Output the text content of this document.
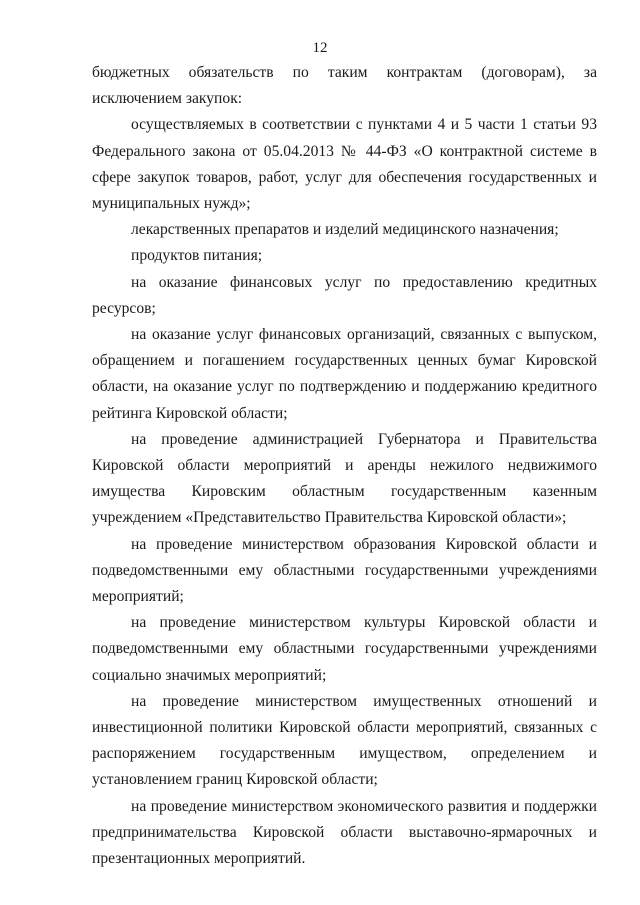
12

бюджетных обязательств по таким контрактам (договорам), за исключением закупок:

осуществляемых в соответствии с пунктами 4 и 5 части 1 статьи 93 Федерального закона от 05.04.2013 № 44-ФЗ «О контрактной системе в сфере закупок товаров, работ, услуг для обеспечения государственных и муниципальных нужд»;

лекарственных препаратов и изделий медицинского назначения;

продуктов питания;

на оказание финансовых услуг по предоставлению кредитных ресурсов;

на оказание услуг финансовых организаций, связанных с выпуском, обращением и погашением государственных ценных бумаг Кировской области, на оказание услуг по подтверждению и поддержанию кредитного рейтинга Кировской области;

на проведение администрацией Губернатора и Правительства Кировской области мероприятий и аренды нежилого недвижимого имущества Кировским областным государственным казенным учреждением «Представительство Правительства Кировской области»;

на проведение министерством образования Кировской области и подведомственными ему областными государственными учреждениями мероприятий;

на проведение министерством культуры Кировской области и подведомственными ему областными государственными учреждениями социально значимых мероприятий;

на проведение министерством имущественных отношений и инвестиционной политики Кировской области мероприятий, связанных с распоряжением государственным имуществом, определением и установлением границ Кировской области;

на проведение министерством экономического развития и поддержки предпринимательства Кировской области выставочно-ярмарочных и презентационных мероприятий.
